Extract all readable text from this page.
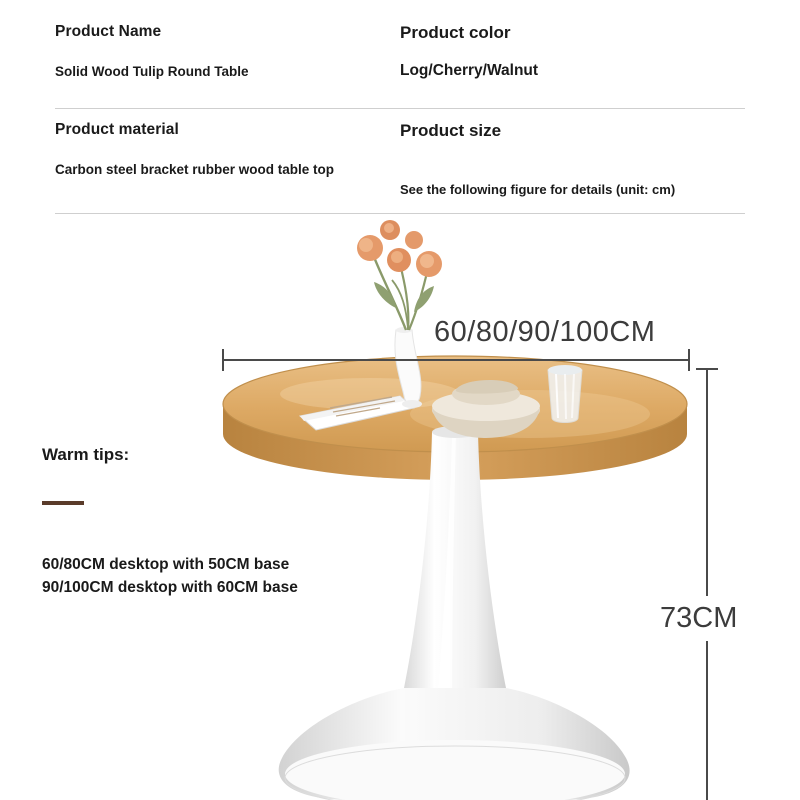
Product Name

Solid Wood Tulip Round Table

Product color

Log/Cherry/Walnut

Product material

Carbon steel bracket rubber wood table top

Product size

See the following figure for details (unit: cm)

60/80/90/100CM
73CM

Warm tips:

60/80CM desktop with 50CM base
90/100CM desktop with 60CM base
